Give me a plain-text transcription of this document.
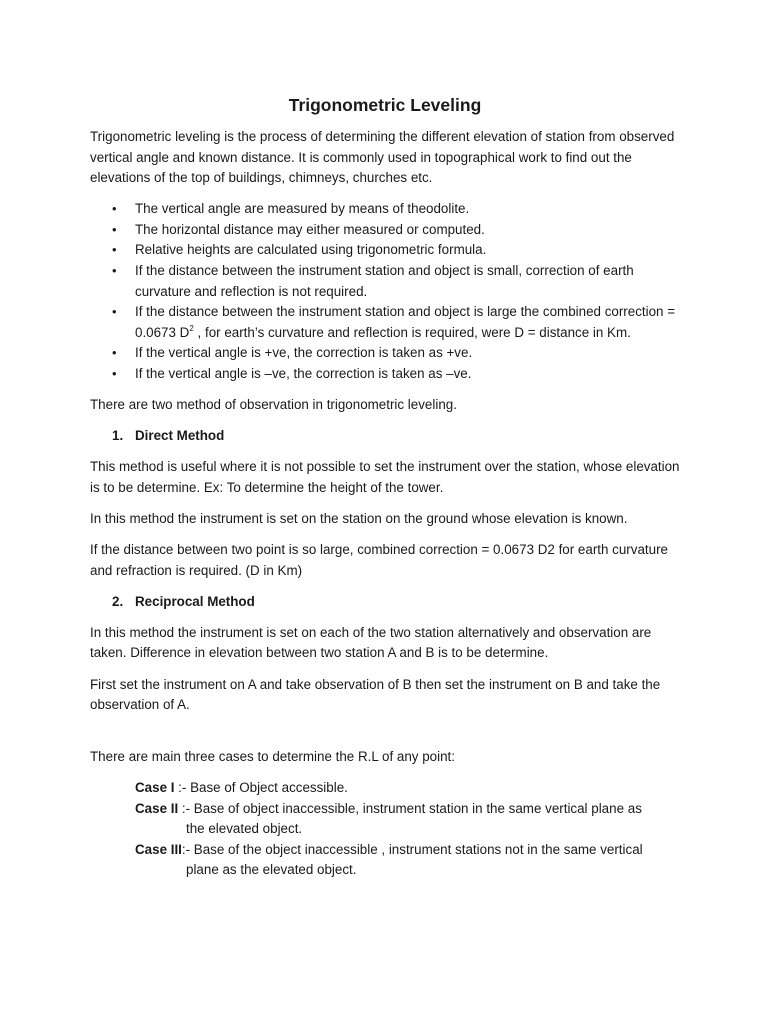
Trigonometric Leveling

Trigonometric leveling is the process of determining the different elevation of station from observed vertical angle and known distance. It is commonly used in topographical work to find out the elevations of the top of buildings, chimneys, churches etc.

• The vertical angle are measured by means of theodolite.
• The horizontal distance may either measured or computed.
• Relative heights are calculated using trigonometric formula.
• If the distance between the instrument station and object is small, correction of earth curvature and reflection is not required.
• If the distance between the instrument station and object is large the combined correction = 0.0673 $D^2$ , for earth’s curvature and reflection is required, were D = distance in Km.
• If the vertical angle is +ve, the correction is taken as +ve.
• If the vertical angle is –ve, the correction is taken as –ve.

There are two method of observation in trigonometric leveling.

1. Direct Method

This method is useful where it is not possible to set the instrument over the station, whose elevation is to be determine. Ex: To determine the height of the tower.

In this method the instrument is set on the station on the ground whose elevation is known.

If the distance between two point is so large, combined correction = 0.0673 D2 for earth curvature and refraction is required. (D in Km)

2. Reciprocal Method

In this method the instrument is set on each of the two station alternatively and observation are taken. Difference in elevation between two station A and B is to be determine.

First set the instrument on A and take observation of B then set the instrument on B and take the observation of A.

There are main three cases to determine the R.L of any point:

Case I :- Base of Object accessible.
Case II :- Base of object inaccessible, instrument station in the same vertical plane as
the elevated object.
Case III:- Base of the object inaccessible , instrument stations not in the same vertical
plane as the elevated object.
